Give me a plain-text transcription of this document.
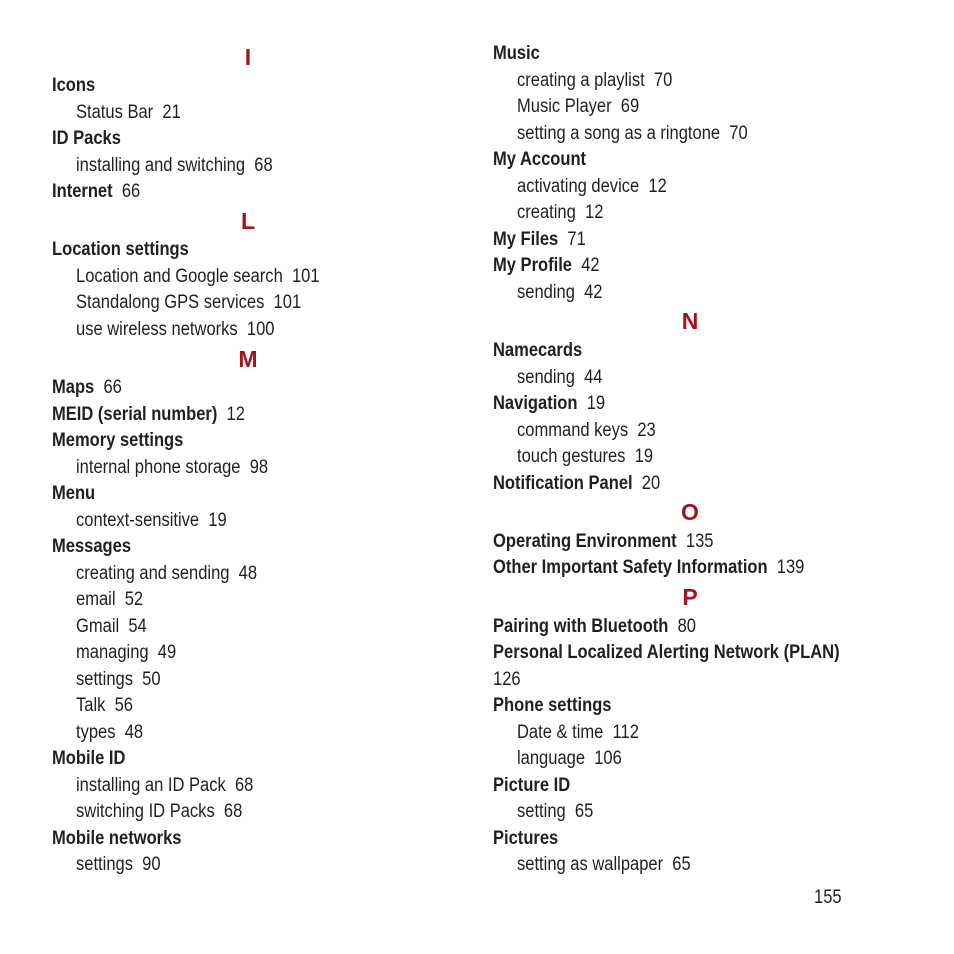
I
Icons
Status Bar 21
ID Packs
installing and switching 68
Internet 66
L
Location settings
Location and Google search 101
Standalong GPS services 101
use wireless networks 100
M
Maps 66
MEID (serial number) 12
Memory settings
internal phone storage 98
Menu
context-sensitive 19
Messages
creating and sending 48
email 52
Gmail 54
managing 49
settings 50
Talk 56
types 48
Mobile ID
installing an ID Pack 68
switching ID Packs 68
Mobile networks
settings 90
Music
creating a playlist 70
Music Player 69
setting a song as a ringtone 70
My Account
activating device 12
creating 12
My Files 71
My Profile 42
sending 42
N
Namecards
sending 44
Navigation 19
command keys 23
touch gestures 19
Notification Panel 20
O
Operating Environment 135
Other Important Safety Information 139
P
Pairing with Bluetooth 80
Personal Localized Alerting Network (PLAN)
126
Phone settings
Date & time 112
language 106
Picture ID
setting 65
Pictures
setting as wallpaper 65
155
